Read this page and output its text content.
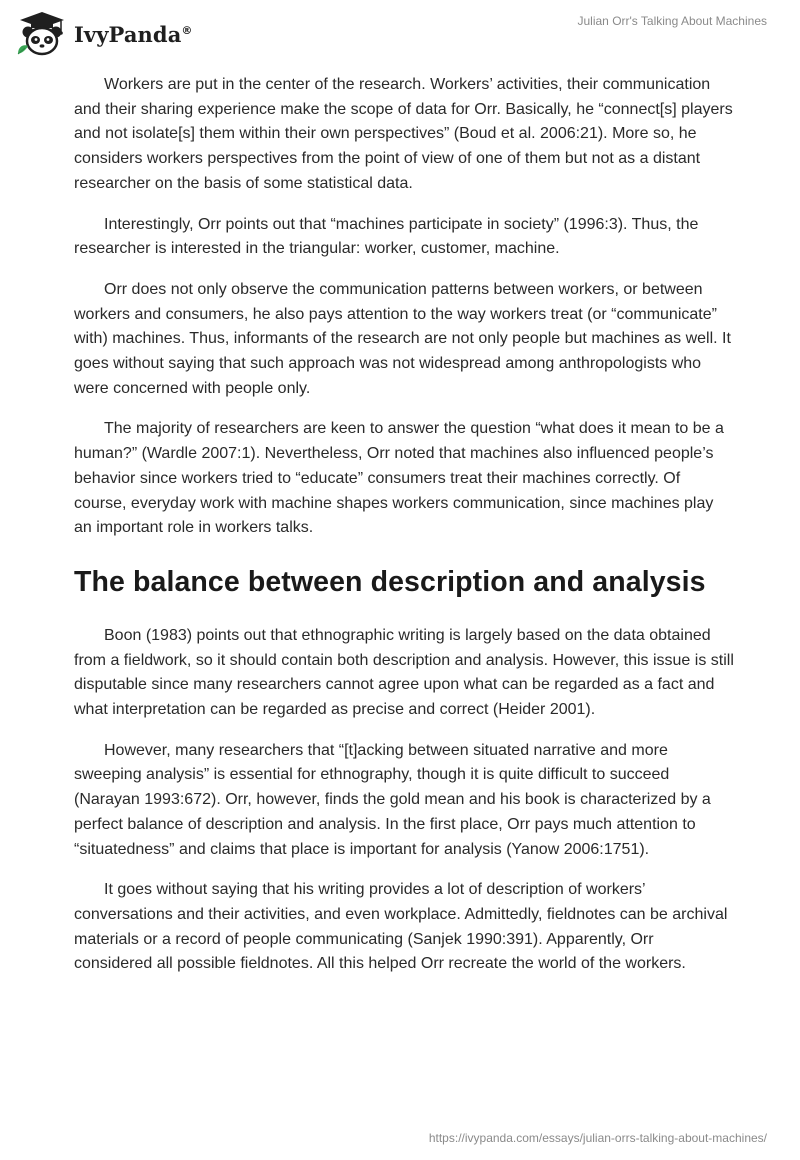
IvyPanda®
Julian Orr's Talking About Machines

Workers are put in the center of the research. Workers’ activities, their communication and their sharing experience make the scope of data for Orr. Basically, he “connect[s] players and not isolate[s] them within their own perspectives” (Boud et al. 2006:21). More so, he considers workers perspectives from the point of view of one of them but not as a distant researcher on the basis of some statistical data.

Interestingly, Orr points out that “machines participate in society” (1996:3). Thus, the researcher is interested in the triangular: worker, customer, machine.

Orr does not only observe the communication patterns between workers, or between workers and consumers, he also pays attention to the way workers treat (or “communicate” with) machines. Thus, informants of the research are not only people but machines as well. It goes without saying that such approach was not widespread among anthropologists who were concerned with people only.

The majority of researchers are keen to answer the question “what does it mean to be a human?” (Wardle 2007:1). Nevertheless, Orr noted that machines also influenced people’s behavior since workers tried to “educate” consumers treat their machines correctly. Of course, everyday work with machine shapes workers communication, since machines play an important role in workers talks.

The balance between description and analysis

Boon (1983) points out that ethnographic writing is largely based on the data obtained from a fieldwork, so it should contain both description and analysis. However, this issue is still disputable since many researchers cannot agree upon what can be regarded as a fact and what interpretation can be regarded as precise and correct (Heider 2001).

However, many researchers that “[t]acking between situated narrative and more sweeping analysis” is essential for ethnography, though it is quite difficult to succeed (Narayan 1993:672). Orr, however, finds the gold mean and his book is characterized by a perfect balance of description and analysis. In the first place, Orr pays much attention to “situatedness” and claims that place is important for analysis (Yanow 2006:1751).

It goes without saying that his writing provides a lot of description of workers’ conversations and their activities, and even workplace. Admittedly, fieldnotes can be archival materials or a record of people communicating (Sanjek 1990:391). Apparently, Orr considered all possible fieldnotes. All this helped Orr recreate the world of the workers.

https://ivypanda.com/essays/julian-orrs-talking-about-machines/
